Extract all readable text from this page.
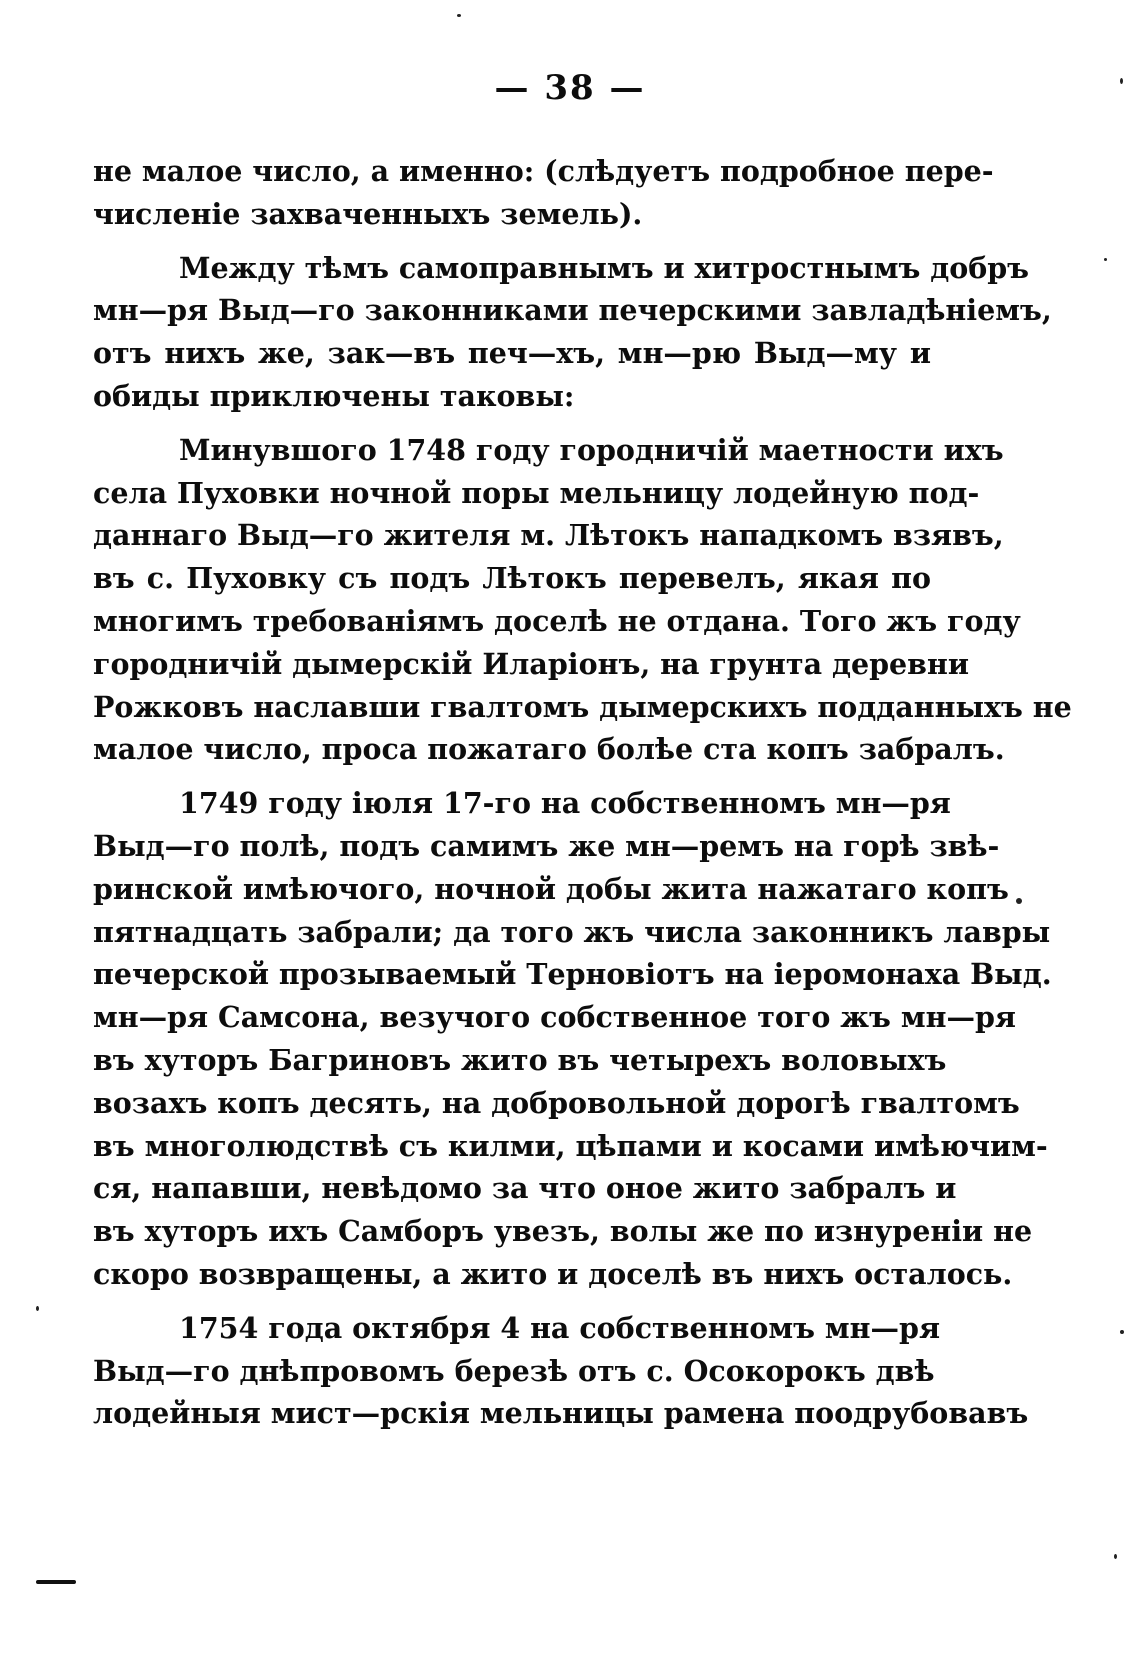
— 38 —
не малое число, а именно: (слѣдуетъ подробное пере-
численіе захваченныхъ земель).
Между тѣмъ самоправнымъ и хитростнымъ добръ
мн—ря Выд—го законниками печерскими завладѣніемъ,
отъ нихъ же, зак—въ печ—хъ, мн—рю Выд—му и
обиды приключены таковы:
Минувшого 1748 году городничій маетности ихъ
села Пуховки ночной поры мельницу лодейную под-
даннаго Выд—го жителя м. Лѣтокъ нападкомъ взявъ,
въ с. Пуховку съ подъ Лѣтокъ перевелъ, якая по
многимъ требованіямъ доселѣ не отдана. Того жъ году
городничій дымерскій Иларіонъ, на грунта деревни
Рожковъ наславши гвалтомъ дымерскихъ подданныхъ не
малое число, проса пожатаго болѣе ста копъ забралъ.
1749 году іюля 17-го на собственномъ мн—ря
Выд—го полѣ, подъ самимъ же мн—ремъ на горѣ звѣ-
ринской имѣючого, ночной добы жита нажатаго копъ
пятнадцать забрали; да того жъ числа законникъ лавры
печерской прозываемый Терновіотъ на іеромонаха Выд.
мн—ря Самсона, везучого собственное того жъ мн—ря
въ хуторъ Багриновъ жито въ четырехъ воловыхъ
возахъ копъ десять, на добровольной дорогѣ гвалтомъ
въ многолюдствѣ съ килми, цѣпами и косами имѣючим-
ся, напавши, невѣдомо за что оное жито забралъ и
въ хуторъ ихъ Самборъ увезъ, волы же по изнуреніи не
скоро возвращены, а жито и доселѣ въ нихъ осталось.
1754 года октября 4 на собственномъ мн—ря
Выд—го днѣпровомъ березѣ отъ с. Осокорокъ двѣ
лодейныя мист—рскія мельницы рамена поодрубовавъ
